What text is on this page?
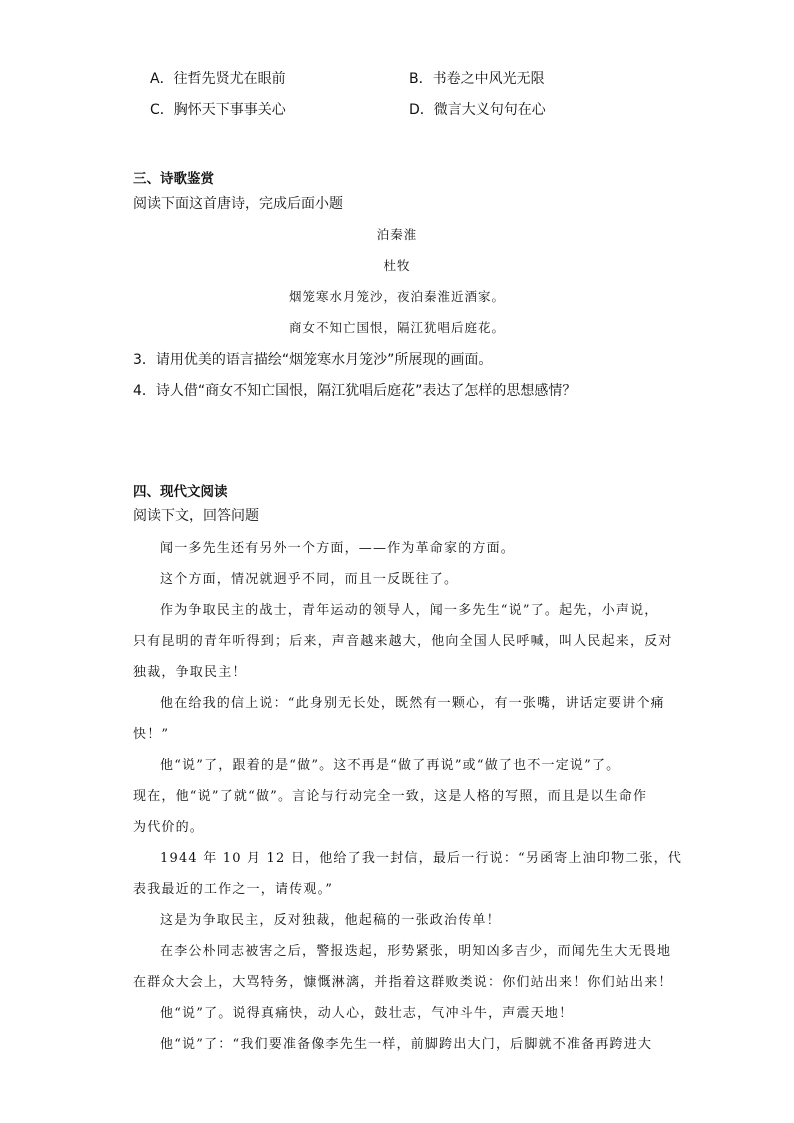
A．往哲先贤尤在眼前	B．书卷之中风光无限
C．胸怀天下事事关心	D．微言大义句句在心
三、诗歌鉴赏
阅读下面这首唐诗，完成后面小题
泊秦淮
杜牧
烟笼寒水月笼沙，夜泊秦淮近酒家。
商女不知亡国恨，隔江犹唱后庭花。
3．请用优美的语言描绘“烟笼寒水月笼沙”所展现的画面。
4．诗人借“商女不知亡国恨，隔江犹唱后庭花”表达了怎样的思想感情？
四、现代文阅读
阅读下文，回答问题
闻一多先生还有另外一个方面，——作为革命家的方面。
这个方面，情况就迥乎不同，而且一反既往了。
作为争取民主的战士，青年运动的领导人，闻一多先生“说”了。起先，小声说，
只有昆明的青年听得到；后来，声音越来越大，他向全国人民呼喊，叫人民起来，反对
独裁，争取民主！
他在给我的信上说：“此身别无长处，既然有一颗心，有一张嘴，讲话定要讲个痛
快！”
他“说”了，跟着的是“做”。这不再是“做了再说”或“做了也不一定说”了。
现在，他“说”了就“做”。言论与行动完全一致，这是人格的写照，而且是以生命作
为代价的。
1944 年 10 月 12 日，他给了我一封信，最后一行说：“另函寄上油印物二张，代
表我最近的工作之一，请传观。”
这是为争取民主，反对独裁，他起稿的一张政治传单！
在李公朴同志被害之后，警报迭起，形势紧张，明知凶多吉少，而闻先生大无畏地
在群众大会上，大骂特务，慷慨淋漓，并指着这群败类说：你们站出来！你们站出来！
他“说”了。说得真痛快，动人心，鼓壮志，气冲斗牛，声震天地！
他“说”了：“我们要准备像李先生一样，前脚跨出大门，后脚就不准备再跨进大
